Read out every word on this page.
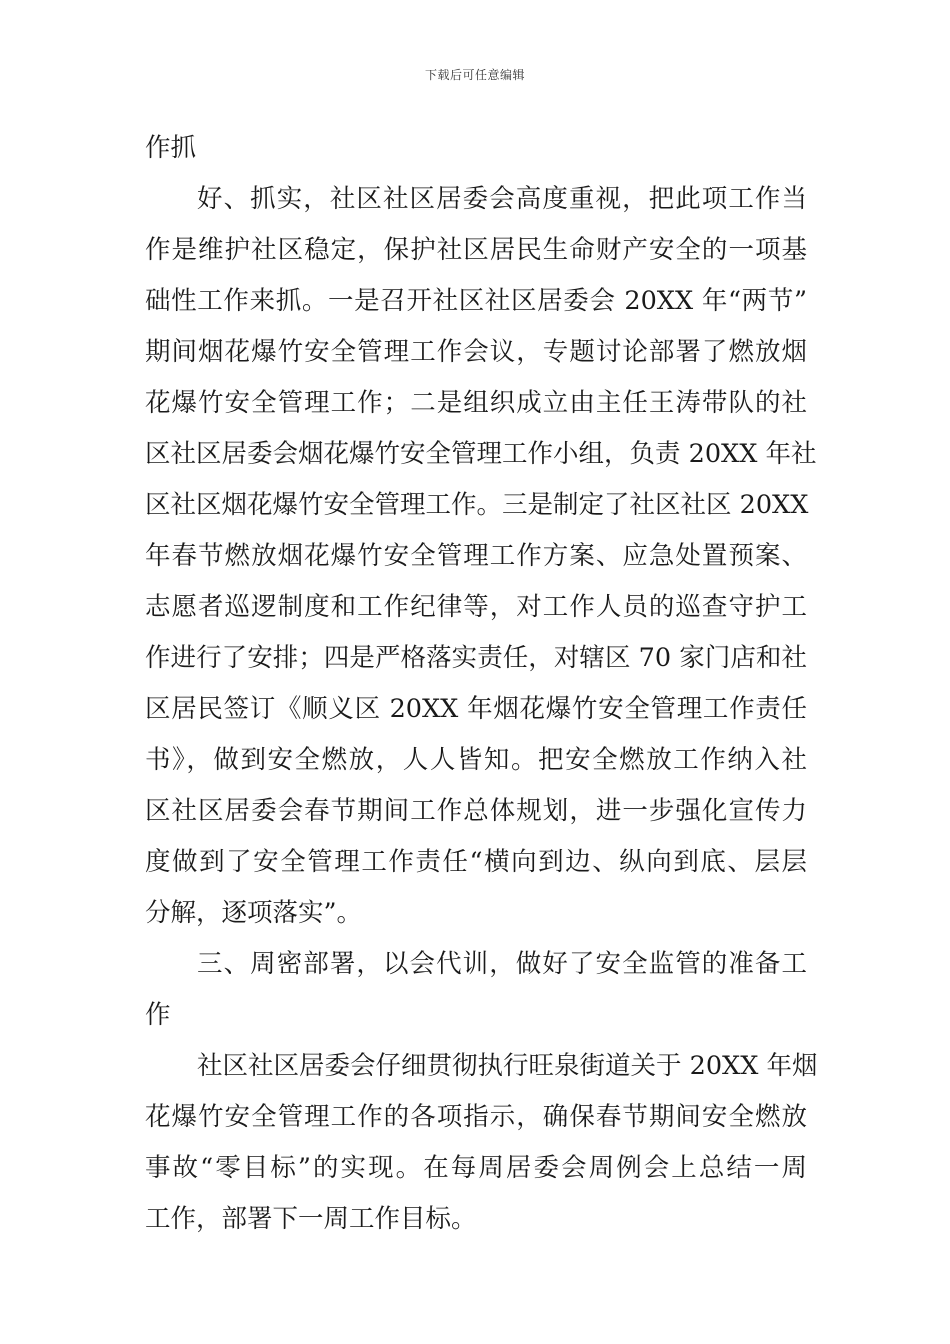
下载后可任意编辑
作抓
好、抓实，社区社区居委会高度重视，把此项工作当
作是维护社区稳定，保护社区居民生命财产安全的一项基
础性工作来抓。一是召开社区社区居委会 20XX 年“两节”
期间烟花爆竹安全管理工作会议，专题讨论部署了燃放烟
花爆竹安全管理工作；二是组织成立由主任王涛带队的社
区社区居委会烟花爆竹安全管理工作小组，负责 20XX 年社
区社区烟花爆竹安全管理工作。三是制定了社区社区 20XX
年春节燃放烟花爆竹安全管理工作方案、应急处置预案、
志愿者巡逻制度和工作纪律等，对工作人员的巡查守护工
作进行了安排；四是严格落实责任，对辖区 70 家门店和社
区居民签订《顺义区 20XX 年烟花爆竹安全管理工作责任
书》，做到安全燃放，人人皆知。把安全燃放工作纳入社
区社区居委会春节期间工作总体规划，进一步强化宣传力
度做到了安全管理工作责任“横向到边、纵向到底、层层
分解，逐项落实”。
三、周密部署，以会代训，做好了安全监管的准备工
作
社区社区居委会仔细贯彻执行旺泉街道关于 20XX 年烟
花爆竹安全管理工作的各项指示，确保春节期间安全燃放
事故“零目标”的实现。在每周居委会周例会上总结一周
工作，部署下一周工作目标。
